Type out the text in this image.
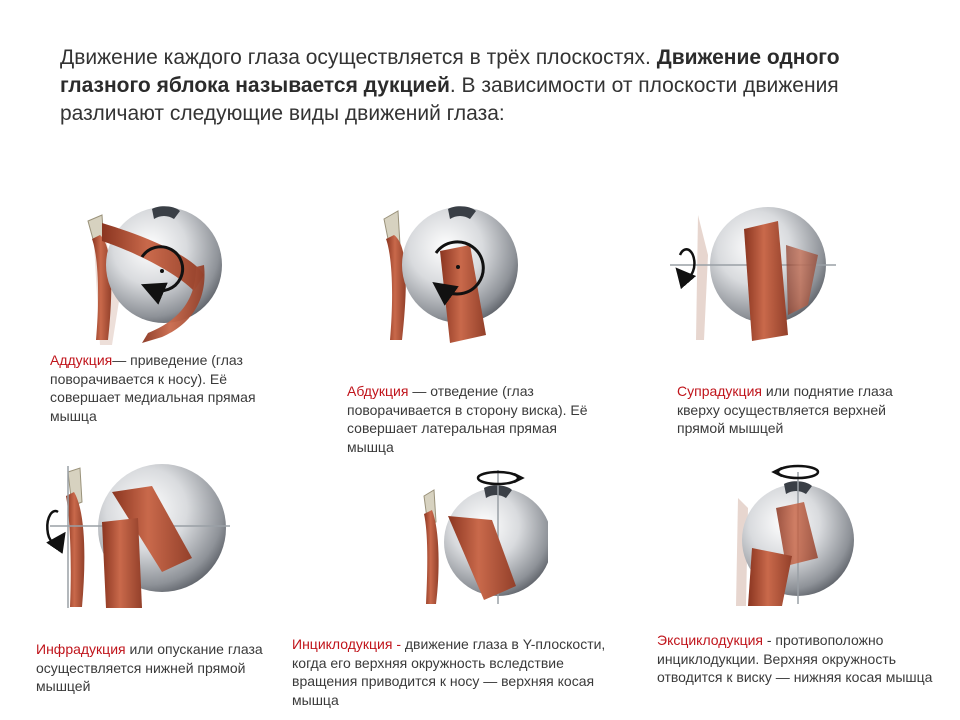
Движение каждого глаза осуществляется в трёх плоскостях. Движение одного глазного яблока называется дукцией. В зависимости от плоскости движения различают следующие виды движений глаза:
Аддукция— приведение (глаз поворачивается к носу). Её совершает медиальная прямая мышца
Абдукция — отведение (глаз поворачивается в сторону виска). Её совершает латеральная прямая мышца
Супрадукция или поднятие глаза кверху осуществляется верхней прямой мышцей
Инфрадукция или опускание глаза осуществляется нижней прямой мышцей
Инциклодукция - движение глаза в Y-плоскости, когда его верхняя окружность вследствие вращения приводится к носу — верхняя косая мышца
Эксциклодукция - противоположно инциклодукции. Верхняя окружность отводится к виску — нижняя косая мышца
